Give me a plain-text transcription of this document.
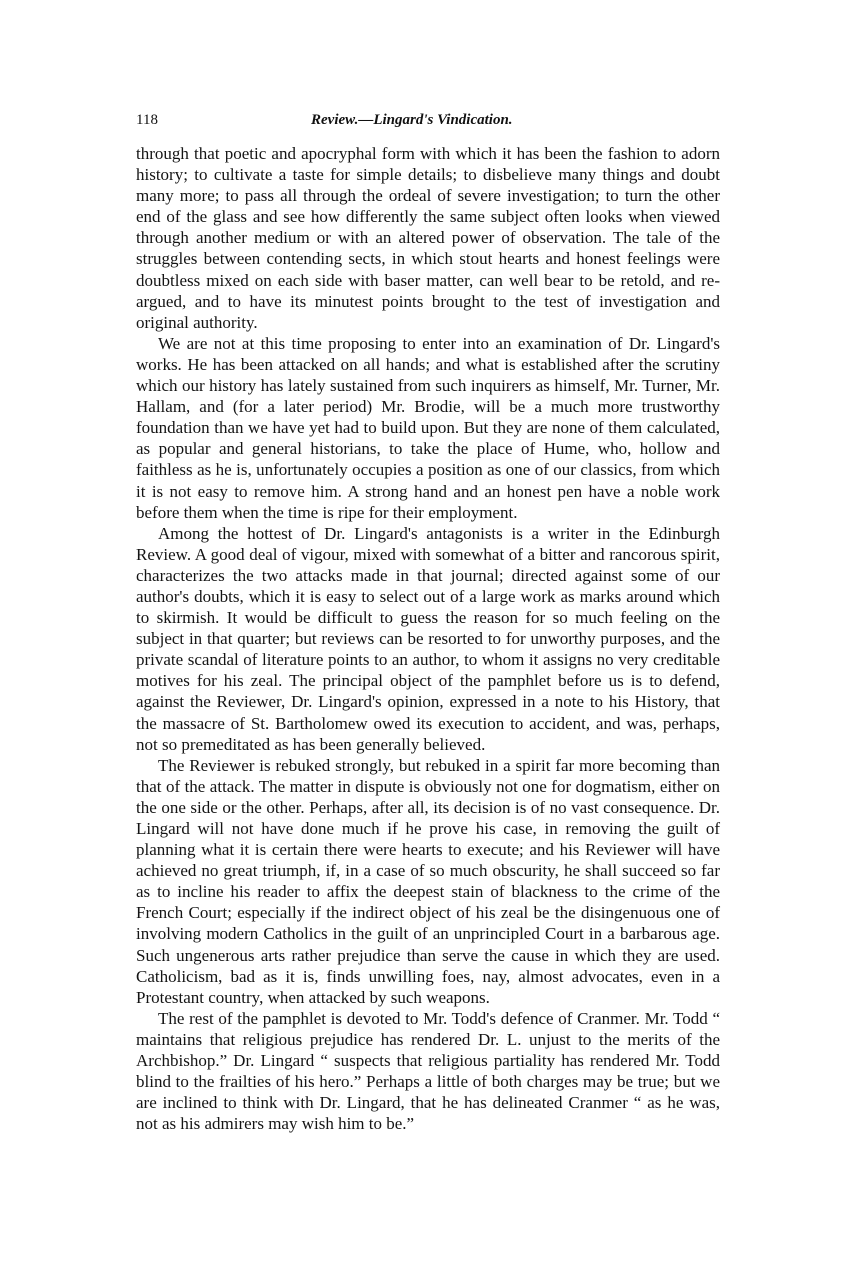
118	Review.—Lingard's Vindication.

through that poetic and apocryphal form with which it has been the fashion to adorn history; to cultivate a taste for simple details; to disbelieve many things and doubt many more; to pass all through the ordeal of severe investigation; to turn the other end of the glass and see how differently the same subject often looks when viewed through another medium or with an altered power of observation. The tale of the struggles between contending sects, in which stout hearts and honest feelings were doubtless mixed on each side with baser matter, can well bear to be retold, and re-argued, and to have its minutest points brought to the test of investigation and original authority.

We are not at this time proposing to enter into an examination of Dr. Lingard's works. He has been attacked on all hands; and what is established after the scrutiny which our history has lately sustained from such inquirers as himself, Mr. Turner, Mr. Hallam, and (for a later period) Mr. Brodie, will be a much more trustworthy foundation than we have yet had to build upon. But they are none of them calculated, as popular and general historians, to take the place of Hume, who, hollow and faithless as he is, unfortunately occupies a position as one of our classics, from which it is not easy to remove him. A strong hand and an honest pen have a noble work before them when the time is ripe for their employment.

Among the hottest of Dr. Lingard's antagonists is a writer in the Edinburgh Review. A good deal of vigour, mixed with somewhat of a bitter and rancorous spirit, characterizes the two attacks made in that journal; directed against some of our author's doubts, which it is easy to select out of a large work as marks around which to skirmish. It would be difficult to guess the reason for so much feeling on the subject in that quarter; but reviews can be resorted to for unworthy purposes, and the private scandal of literature points to an author, to whom it assigns no very creditable motives for his zeal. The principal object of the pamphlet before us is to defend, against the Reviewer, Dr. Lingard's opinion, expressed in a note to his History, that the massacre of St. Bartholomew owed its execution to accident, and was, perhaps, not so premeditated as has been generally believed.

The Reviewer is rebuked strongly, but rebuked in a spirit far more becoming than that of the attack. The matter in dispute is obviously not one for dogmatism, either on the one side or the other. Perhaps, after all, its decision is of no vast consequence. Dr. Lingard will not have done much if he prove his case, in removing the guilt of planning what it is certain there were hearts to execute; and his Reviewer will have achieved no great triumph, if, in a case of so much obscurity, he shall succeed so far as to incline his reader to affix the deepest stain of blackness to the crime of the French Court; especially if the indirect object of his zeal be the disingenuous one of involving modern Catholics in the guilt of an unprincipled Court in a barbarous age. Such ungenerous arts rather prejudice than serve the cause in which they are used. Catholicism, bad as it is, finds unwilling foes, nay, almost advocates, even in a Protestant country, when attacked by such weapons.

The rest of the pamphlet is devoted to Mr. Todd's defence of Cranmer. Mr. Todd “ maintains that religious prejudice has rendered Dr. L. unjust to the merits of the Archbishop.” Dr. Lingard “ suspects that religious partiality has rendered Mr. Todd blind to the frailties of his hero.” Perhaps a little of both charges may be true; but we are inclined to think with Dr. Lingard, that he has delineated Cranmer “ as he was, not as his admirers may wish him to be.”
